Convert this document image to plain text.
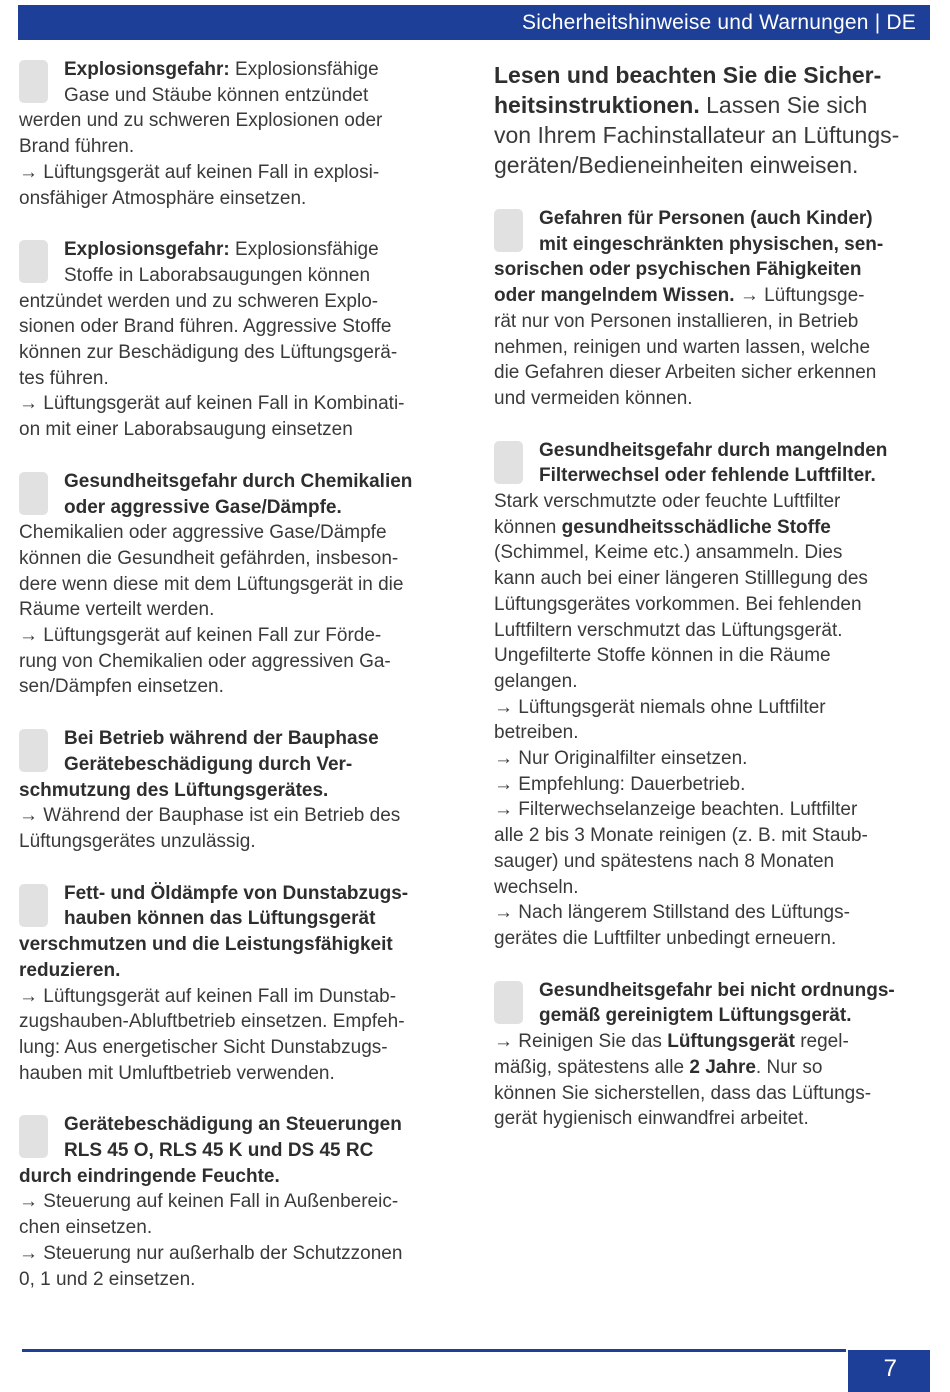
Sicherheitshinweise und Warnungen | DE
Explosionsgefahr: Explosionsfähige
Gase und Stäube können entzündet
werden und zu schweren Explosionen oder
Brand führen.
→ Lüftungsgerät auf keinen Fall in explosi-
onsfähiger Atmosphäre einsetzen.
Explosionsgefahr: Explosionsfähige
Stoffe in Laborabsaugungen können
entzündet werden und zu schweren Explo-
sionen oder Brand führen. Aggressive Stoffe
können zur Beschädigung des Lüftungsgerä-
tes führen.
→ Lüftungsgerät auf keinen Fall in Kombinati-
on mit einer Laborabsaugung einsetzen
Gesundheitsgefahr durch Chemikalien
oder aggressive Gase/Dämpfe.
Chemikalien oder aggressive Gase/Dämpfe
können die Gesundheit gefährden, insbeson-
dere wenn diese mit dem Lüftungsgerät in die
Räume verteilt werden.
→ Lüftungsgerät auf keinen Fall zur Förde-
rung von Chemikalien oder aggressiven Ga-
sen/Dämpfen einsetzen.
Bei Betrieb während der Bauphase
Gerätebeschädigung durch Ver-
schmutzung des Lüftungsgerätes.
→ Während der Bauphase ist ein Betrieb des
Lüftungsgerätes unzulässig.
Fett- und Öldämpfe von Dunstabzugs-
hauben können das Lüftungsgerät
verschmutzen und die Leistungsfähigkeit
reduzieren.
→ Lüftungsgerät auf keinen Fall im Dunstab-
zugshauben-Abluftbetrieb einsetzen. Empfeh-
lung: Aus energetischer Sicht Dunstabzugs-
hauben mit Umluftbetrieb verwenden.
Gerätebeschädigung an Steuerungen
RLS 45 O, RLS 45 K und DS 45 RC
durch eindringende Feuchte.
→ Steuerung auf keinen Fall in Außenbereic-
chen einsetzen.
→ Steuerung nur außerhalb der Schutzzonen
0, 1 und 2 einsetzen.
Lesen und beachten Sie die Sicher-
heitsinstruktionen. Lassen Sie sich
von Ihrem Fachinstallateur an Lüftungs-
geräten/Bedieneinheiten einweisen.
Gefahren für Personen (auch Kinder)
mit eingeschränkten physischen, sen-
sorischen oder psychischen Fähigkeiten
oder mangelndem Wissen. → Lüftungsge-
rät nur von Personen installieren, in Betrieb
nehmen, reinigen und warten lassen, welche
die Gefahren dieser Arbeiten sicher erkennen
und vermeiden können.
Gesundheitsgefahr durch mangelnden
Filterwechsel oder fehlende Luftfilter.
Stark verschmutzte oder feuchte Luftfilter
können gesundheitsschädliche Stoffe
(Schimmel, Keime etc.) ansammeln. Dies
kann auch bei einer längeren Stilllegung des
Lüftungsgerätes vorkommen. Bei fehlenden
Luftfiltern verschmutzt das Lüftungsgerät.
Ungefilterte Stoffe können in die Räume
gelangen.
→ Lüftungsgerät niemals ohne Luftfilter
betreiben.
→ Nur Originalfilter einsetzen.
→ Empfehlung: Dauerbetrieb.
→ Filterwechselanzeige beachten. Luftfilter
alle 2 bis 3 Monate reinigen (z. B. mit Staub-
sauger) und spätestens nach 8 Monaten
wechseln.
→ Nach längerem Stillstand des Lüftungs-
gerätes die Luftfilter unbedingt erneuern.
Gesundheitsgefahr bei nicht ordnungs-
gemäß gereinigtem Lüftungsgerät.
→ Reinigen Sie das Lüftungsgerät regel-
mäßig, spätestens alle 2 Jahre. Nur so
können Sie sicherstellen, dass das Lüftungs-
gerät hygienisch einwandfrei arbeitet.
7
